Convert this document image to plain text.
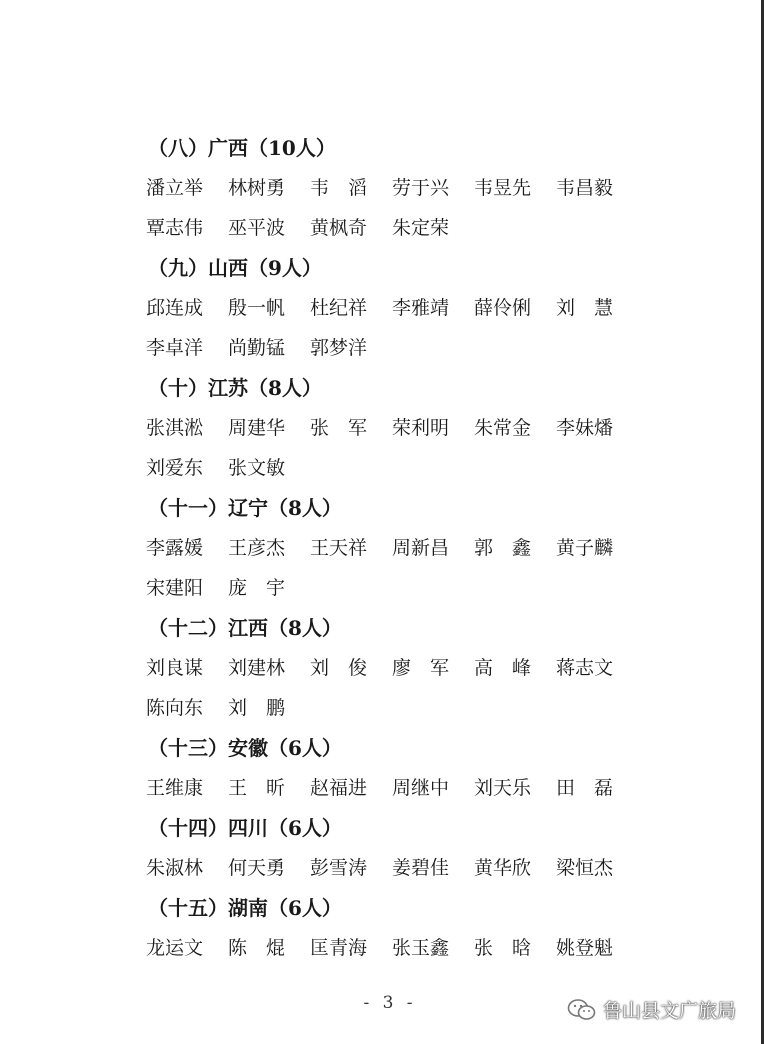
（八）广西（10人）
潘立举 林树勇 韦　滔 劳于兴 韦昱先 韦昌毅
覃志伟 巫平波 黄枫奇 朱定荣
（九）山西（9人）
邱连成 殷一帆 杜纪祥 李雅靖 薛伶俐 刘　慧
李卓洋 尚勤锰 郭梦洋
（十）江苏（8人）
张淇淞 周建华 张　军 荣利明 朱常金 李妹燔
刘爱东 张文敏
（十一）辽宁（8人）
李露媛 王彦杰 王天祥 周新昌 郭　鑫 黄子麟
宋建阳 庞　宇
（十二）江西（8人）
刘良谋 刘建林 刘　俊 廖　军 高　峰 蒋志文
陈向东 刘　鹏
（十三）安徽（6人）
王维康 王　昕 赵福进 周继中 刘天乐 田　磊
（十四）四川（6人）
朱淑林 何天勇 彭雪涛 姜碧佳 黄华欣 梁恒杰
（十五）湖南（6人）
龙运文 陈　焜 匡青海 张玉鑫 张　晗 姚登魁
- 3 -	鲁山县文广旅局
